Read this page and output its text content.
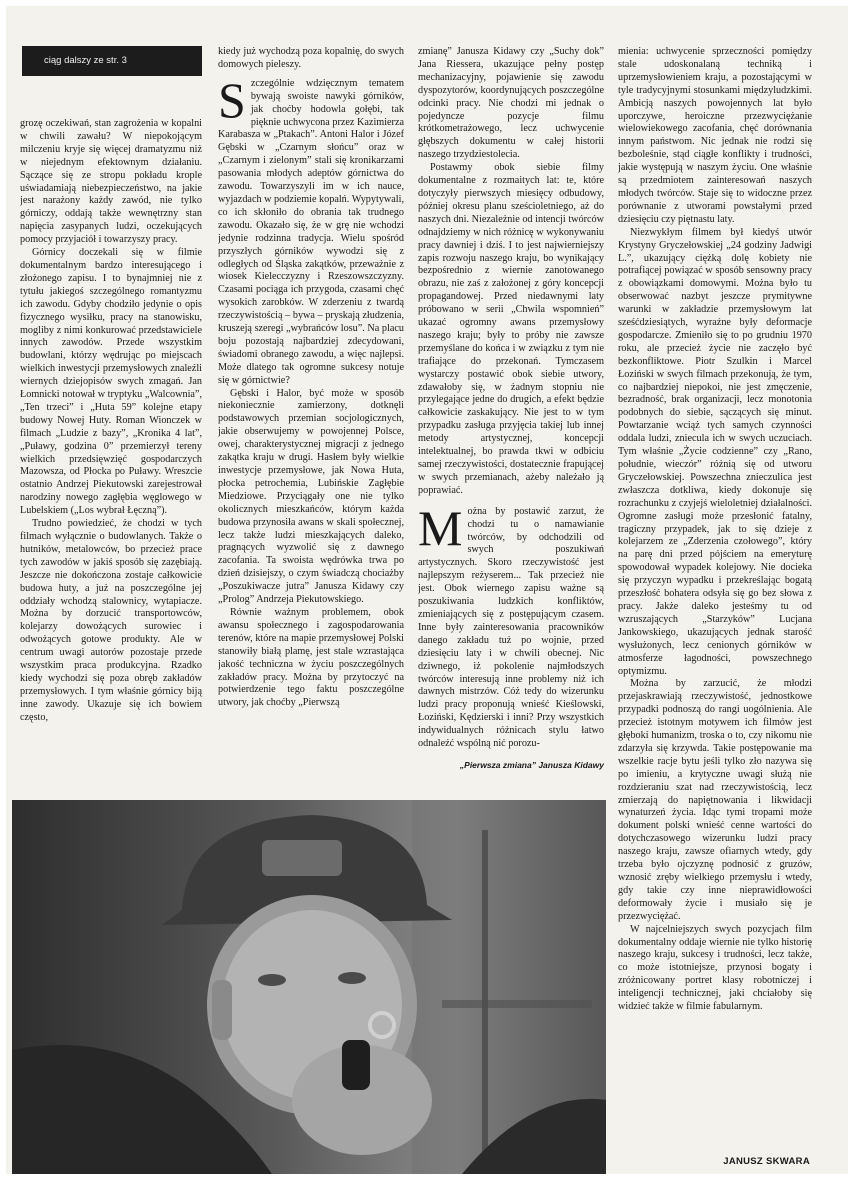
ciąg dalszy ze str. 3

grozę oczekiwań, stan zagrożenia w kopalni w chwili zawału? W niepokojącym milczeniu kryje się więcej dramatyzmu niż w niejednym efektownym działaniu. Sączące się ze stropu pokładu krople uświadamiają niebezpieczeństwo, na jakie jest narażony każdy zawód, nie tylko górniczy, oddają także wewnętrzny stan napięcia zasypanych ludzi, oczekujących pomocy przyjaciół i towarzyszy pracy.

Górnicy doczekali się w filmie dokumentalnym bardzo interesującego i złożonego zapisu. I to bynajmniej nie z tytułu jakiegoś szczególnego romantyzmu ich zawodu. Gdyby chodziło jedynie o opis fizycznego wysiłku, pracy na stanowisku, mogliby z nimi konkurować przedstawiciele innych zawodów. Przede wszystkim budowlani, którzy wędrując po miejscach wielkich inwestycji przemysłowych znaleźli wiernych dziejopisów swych zmagań. Jan Łomnicki notował w tryptyku „Walcownia”, „Ten trzeci” i „Huta 59” kolejne etapy budowy Nowej Huty. Roman Wionczek w filmach „Ludzie z bazy”, „Kronika 4 lat”, „Puławy, godzina 0” przemierzył tereny wielkich przedsięwzięć gospodarczych Mazowsza, od Płocka po Puławy. Wreszcie ostatnio Andrzej Piekutowski zarejestrował narodziny nowego zagłębia węglowego w Lubelskiem („Los wybrał Łęczną”).

Trudno powiedzieć, że chodzi w tych filmach wyłącznie o budowlanych. Także o hutników, metalowców, bo przecież prace tych zawodów w jakiś sposób się zazębiają. Jeszcze nie dokończona zostaje całkowicie budowa huty, a już na poszczególne jej oddziały wchodzą stalownicy, wytapiacze. Można by dorzucić transportowców, kolejarzy dowożących surowiec i odwożących gotowe produkty. Ale w centrum uwagi autorów pozostaje przede wszystkim praca produkcyjna. Rzadko kiedy wychodzi się poza obręb zakładów przemysłowych. I tym właśnie górnicy biją inne zawody. Ukazuje się ich bowiem często,

kiedy już wychodzą poza kopalnię, do swych domowych pieleszy.

Szczególnie wdzięcznym tematem bywają swoiste nawyki górników, jak choćby hodowla gołębi, tak pięknie uchwycona przez Kazimierza Karabasza w „Ptakach”. Antoni Halor i Józef Gębski w „Czarnym słońcu” oraz w „Czarnym i zielonym” stali się kronikarzami pasowania młodych adeptów górnictwa do zawodu. Towarzyszyli im w ich nauce, wyjazdach w podziemie kopalń. Wypytywali, co ich skłoniło do obrania tak trudnego zawodu. Okazało się, że w grę nie wchodzi jedynie rodzinna tradycja. Wielu spośród przyszłych górników wywodzi się z odległych od Śląska zakątków, przeważnie z wiosek Kielecczyzny i Rzeszowszczyzny. Czasami pociąga ich przygoda, czasami chęć wysokich zarobków. W zderzeniu z twardą rzeczywistością – bywa – pryskają złudzenia, kruszeją szeregi „wybrańców losu”. Na placu boju pozostają najbardziej zdecydowani, świadomi obranego zawodu, a więc najlepsi. Może dlatego tak ogromne sukcesy notuje się w górnictwie?

Gębski i Halor, być może w sposób niekoniecznie zamierzony, dotknęli podstawowych przemian socjologicznych, jakie obserwujemy w powojennej Polsce, owej, charakterystycznej migracji z jednego zakątka kraju w drugi. Hasłem były wielkie inwestycje przemysłowe, jak Nowa Huta, płocka petrochemia, Lubińskie Zagłębie Miedziowe. Przyciągały one nie tylko okolicznych mieszkańców, którym każda budowa przynosiła awans w skali społecznej, lecz także ludzi mieszkających daleko, pragnących wyzwolić się z dawnego zacofania. Ta swoista wędrówka trwa po dzień dzisiejszy, o czym świadczą chociażby „Poszukiwacze jutra” Janusza Kidawy czy „Prolog” Andrzeja Piekutowskiego.

Równie ważnym problemem, obok awansu społecznego i zagospodarowania terenów, które na mapie przemysłowej Polski stanowiły białą plamę, jest stale wzrastająca jakość techniczna w życiu poszczególnych zakładów pracy. Można by przytoczyć na potwierdzenie tego faktu poszczególne utwory, jak choćby „Pierwszą

zmianę” Janusza Kidawy czy „Suchy dok” Jana Riessera, ukazujące pełny postęp mechanizacyjny, pojawienie się zawodu dyspozytorów, koordynujących poszczególne odcinki pracy. Nie chodzi mi jednak o pojedyncze pozycje filmu krótkometrażowego, lecz uchwycenie głębszych dokumentu w całej historii naszego trzydziestolecia.

Postawmy obok siebie filmy dokumentalne z rozmaitych lat: te, które dotyczyły pierwszych miesięcy odbudowy, później okresu planu sześcioletniego, aż do naszych dni. Niezależnie od intencji twórców odnajdziemy w nich różnicę w wykonywaniu pracy dawniej i dziś. I to jest najwierniejszy zapis rozwoju naszego kraju, bo wynikający bezpośrednio z wiernie zanotowanego obrazu, nie zaś z założonej z góry koncepcji propagandowej. Przed niedawnymi laty próbowano w serii „Chwila wspomnień” ukazać ogromny awans przemysłowy naszego kraju; były to próby nie zawsze przemyślane do końca i w związku z tym nie trafiające do przekonań. Tymczasem wystarczy postawić obok siebie utwory, zdawałoby się, w żadnym stopniu nie przylegające jedne do drugich, a efekt będzie całkowicie zaskakujący. Nie jest to w tym przypadku zasługa przyjęcia takiej lub innej metody artystycznej, koncepcji intelektualnej, bo prawda tkwi w odbiciu samej rzeczywistości, dostatecznie frapującej w swych przemianach, ażeby należało ją poprawiać.

Można by postawić zarzut, że chodzi tu o namawianie twórców, by odchodzili od swych poszukiwań artystycznych. Skoro rzeczywistość jest najlepszym reżyserem... Tak przecież nie jest. Obok wiernego zapisu ważne są poszukiwania ludzkich konfliktów, zmieniających się z postępującym czasem. Inne były zainteresowania pracowników danego zakładu tuż po wojnie, przed dziesięciu laty i w chwili obecnej. Nic dziwnego, iż pokolenie najmłodszych twórców interesują inne problemy niż ich dawnych mistrzów. Cóż tedy do wizerunku ludzi pracy proponują wnieść Kieślowski, Łoziński, Kędzierski i inni? Przy wszystkich indywidualnych różnicach stylu łatwo odnaleźć wspólną nić porozu-

„Pierwsza zmiana” Janusza Kidawy

mienia: uchwycenie sprzeczności pomiędzy stale udoskonalaną techniką i uprzemysłowieniem kraju, a pozostającymi w tyle tradycyjnymi stosunkami międzyludzkimi. Ambicją naszych powojennych lat było uporczywe, heroiczne przezwyciężanie wielowiekowego zacofania, chęć dorównania innym państwom. Nic jednak nie rodzi się bezboleśnie, stąd ciągłe konflikty i trudności, jakie występują w naszym życiu. One właśnie są przedmiotem zainteresowań naszych młodych twórców. Staje się to widoczne przez porównanie z utworami powstałymi przed dziesięciu czy piętnastu laty.

Niezwykłym filmem był kiedyś utwór Krystyny Gryczełowskiej „24 godziny Jadwigi L.”, ukazujący ciężką dolę kobiety nie potrafiącej powiązać w sposób sensowny pracy z obowiązkami domowymi. Można było tu obserwować nazbyt jeszcze prymitywne warunki w zakładzie przemysłowym lat sześćdziesiątych, wyraźne były deformacje gospodarcze. Zmieniło się to po grudniu 1970 roku, ale przecież życie nie zaczęło być bezkonfliktowe. Piotr Szulkin i Marcel Łoziński w swych filmach przekonują, że tym, co najbardziej niepokoi, nie jest zmęczenie, bezradność, brak organizacji, lecz monotonia podobnych do siebie, sączących się minut. Powtarzanie wciąż tych samych czynności oddala ludzi, zniecula ich w swych uczuciach. Tym właśnie „Życie codzienne” czy „Rano, południe, wieczór” różnią się od utworu Gryczełowskiej. Powszechna znieczulica jest zwłaszcza dotkliwa, kiedy dokonuje się rozrachunku z czyjejś wieloletniej działalności. Ogromne zasługi może przesłonić fatalny, tragiczny przypadek, jak to się dzieje z kolejarzem ze „Zderzenia czołowego”, który na parę dni przed pójściem na emeryturę spowodował wypadek kolejowy. Nie docieka się przyczyn wypadku i przekreślając bogatą przeszłość bohatera odsyła się go bez słowa z pracy. Jakże daleko jesteśmy tu od wzruszających „Starzyków” Lucjana Jankowskiego, ukazujących jednak starość wysłużonych, lecz cenionych górników w atmosferze łagodności, powszechnego optymizmu.

Można by zarzucić, że młodzi przejaskrawiają rzeczywistość, jednostkowe przypadki podnoszą do rangi uogólnienia. Ale przecież istotnym motywem ich filmów jest głęboki humanizm, troska o to, czy nikomu nie zdarzyła się krzywda. Takie postępowanie ma wszelkie racje bytu jeśli tylko zło nazywa się po imieniu, a krytyczne uwagi służą nie rozdzieraniu szat nad rzeczywistością, lecz zmierzają do napiętnowania i likwidacji wynaturzeń życia. Idąc tymi tropami może dokument polski wnieść cenne wartości do dotychczasowego wizerunku ludzi pracy naszego kraju, zawsze ofiarnych wtedy, gdy trzeba było ojczyznę podnosić z gruzów, wznosić zręby wielkiego przemysłu i wtedy, gdy takie czy inne nieprawidłowości deformowały życie i musiało się je przezwyciężać.

W najcelniejszych swych pozycjach film dokumentalny oddaje wiernie nie tylko historię naszego kraju, sukcesy i trudności, lecz także, co może istotniejsze, przynosi bogaty i zróżnicowany portret klasy robotniczej i inteligencji technicznej, jaki chciałoby się widzieć także w filmie fabularnym.

JANUSZ SKWARA
